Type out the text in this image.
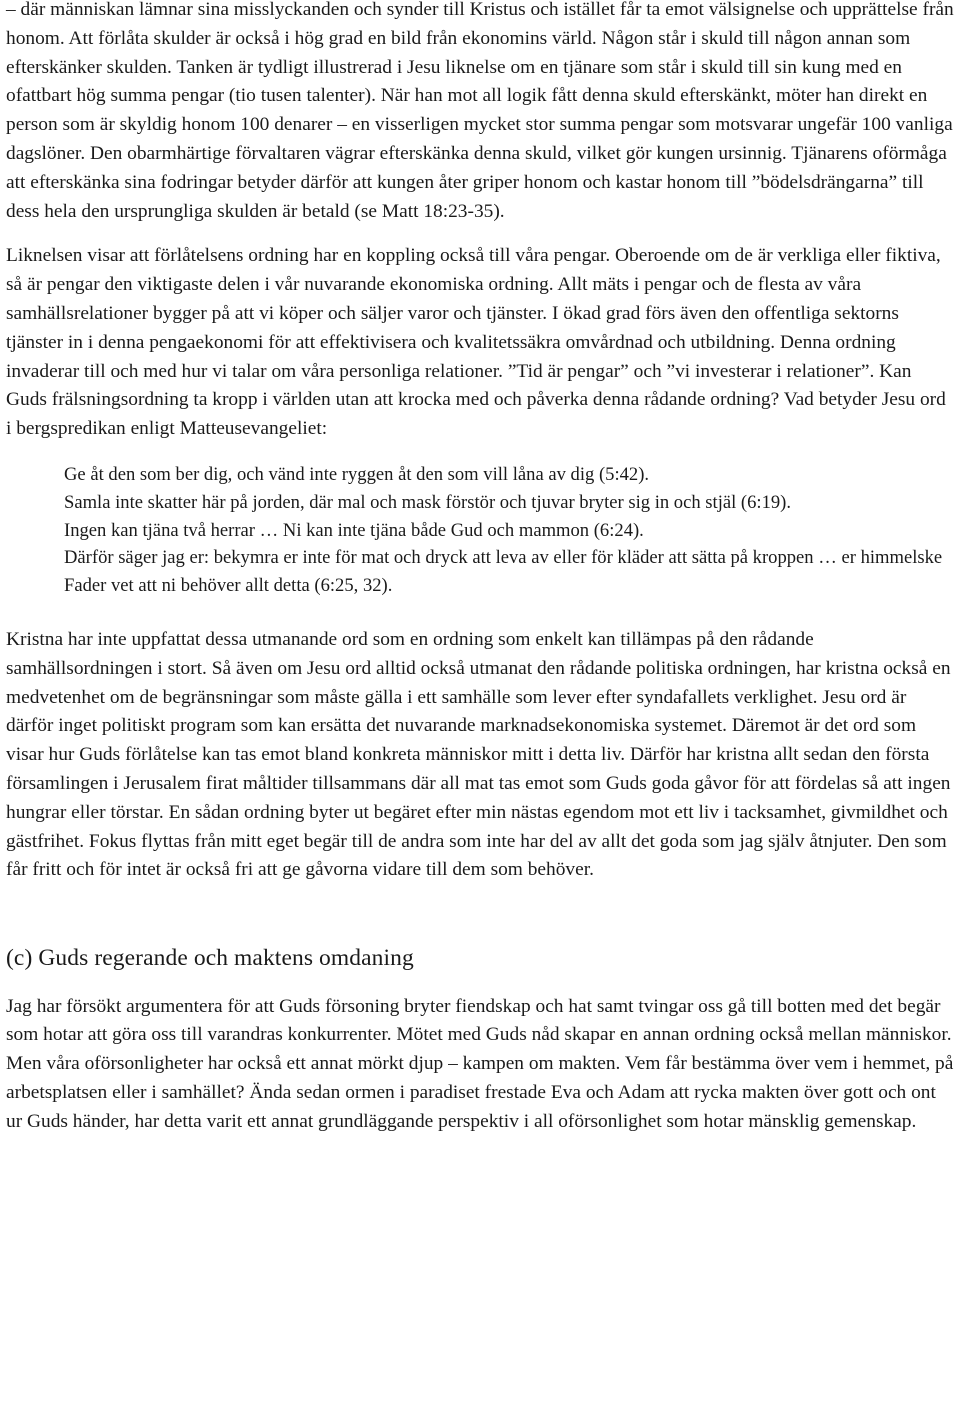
– där människan lämnar sina misslyckanden och synder till Kristus och istället får ta emot välsignelse och upprättelse från honom. Att förlåta skulder är också i hög grad en bild från ekonomins värld. Någon står i skuld till någon annan som efterskänker skulden. Tanken är tydligt illustrerad i Jesu liknelse om en tjänare som står i skuld till sin kung med en ofattbart hög summa pengar (tio tusen talenter). När han mot all logik fått denna skuld efterskänkt, möter han direkt en person som är skyldig honom 100 denarer – en visserligen mycket stor summa pengar som motsvarar ungefär 100 vanliga dagslöner. Den obarmhärtige förvaltaren vägrar efterskänka denna skuld, vilket gör kungen ursinnig. Tjänarens oförmåga att efterskänka sina fodringar betyder därför att kungen åter griper honom och kastar honom till ”bödelsdrängarna” till dess hela den ursprungliga skulden är betald (se Matt 18:23-35).

Liknelsen visar att förlåtelsens ordning har en koppling också till våra pengar. Oberoende om de är verkliga eller fiktiva, så är pengar den viktigaste delen i vår nuvarande ekonomiska ordning. Allt mäts i pengar och de flesta av våra samhällsrelationer bygger på att vi köper och säljer varor och tjänster. I ökad grad förs även den offentliga sektorns tjänster in i denna pengaekonomi för att effektivisera och kvalitetssäkra omvårdnad och utbildning. Denna ordning invaderar till och med hur vi talar om våra personliga relationer. ”Tid är pengar” och ”vi investerar i relationer”. Kan Guds frälsningsordning ta kropp i världen utan att krocka med och påverka denna rådande ordning? Vad betyder Jesu ord i bergspredikan enligt Matteusevangeliet:

Ge åt den som ber dig, och vänd inte ryggen åt den som vill låna av dig (5:42).

Samla inte skatter här på jorden, där mal och mask förstör och tjuvar bryter sig in och stjäl (6:19).

Ingen kan tjäna två herrar … Ni kan inte tjäna både Gud och mammon (6:24).

Därför säger jag er: bekymra er inte för mat och dryck att leva av eller för kläder att sätta på kroppen … er himmelske Fader vet att ni behöver allt detta (6:25, 32).

Kristna har inte uppfattat dessa utmanande ord som en ordning som enkelt kan tillämpas på den rådande samhällsordningen i stort. Så även om Jesu ord alltid också utmanat den rådande politiska ordningen, har kristna också en medvetenhet om de begränsningar som måste gälla i ett samhälle som lever efter syndafallets verklighet. Jesu ord är därför inget politiskt program som kan ersätta det nuvarande marknadsekonomiska systemet. Däremot är det ord som visar hur Guds förlåtelse kan tas emot bland konkreta människor mitt i detta liv. Därför har kristna allt sedan den första församlingen i Jerusalem firat måltider tillsammans där all mat tas emot som Guds goda gåvor för att fördelas så att ingen hungrar eller törstar. En sådan ordning byter ut begäret efter min nästas egendom mot ett liv i tacksamhet, givmildhet och gästfrihet. Fokus flyttas från mitt eget begär till de andra som inte har del av allt det goda som jag själv åtnjuter. Den som får fritt och för intet är också fri att ge gåvorna vidare till dem som behöver.

(c) Guds regerande och maktens omdaning

Jag har försökt argumentera för att Guds försoning bryter fiendskap och hat samt tvingar oss gå till botten med det begär som hotar att göra oss till varandras konkurrenter. Mötet med Guds nåd skapar en annan ordning också mellan människor. Men våra oförsonligheter har också ett annat mörkt djup – kampen om makten. Vem får bestämma över vem i hemmet, på arbetsplatsen eller i samhället? Ända sedan ormen i paradiset frestade Eva och Adam att rycka makten över gott och ont ur Guds händer, har detta varit ett annat grundläggande perspektiv i all oförsonlighet som hotar mänsklig gemenskap.
